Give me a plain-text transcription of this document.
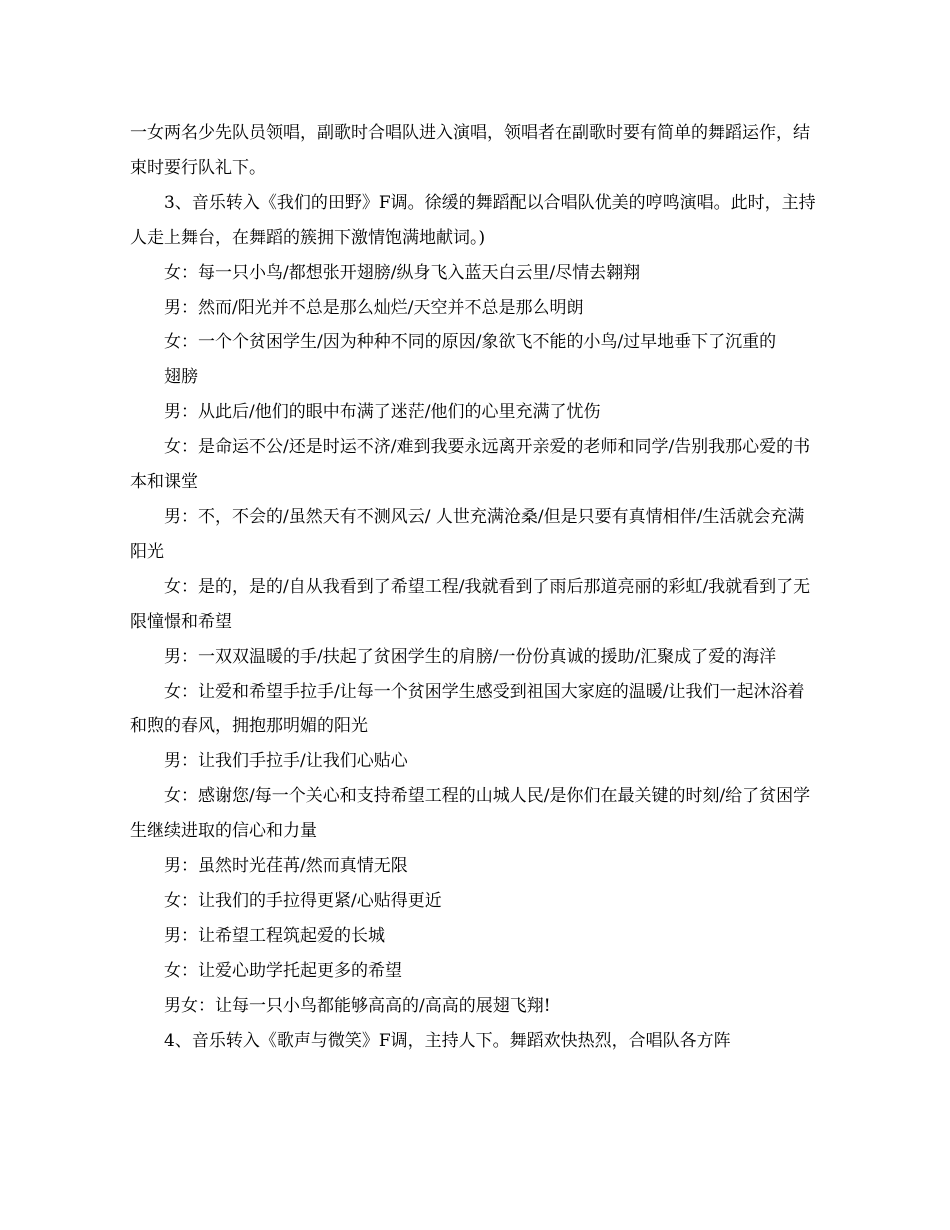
一女两名少先队员领唱，副歌时合唱队进入演唱，领唱者在副歌时要有简单的舞蹈运作，结束时要行队礼下。

3、音乐转入《我们的田野》F调。徐缓的舞蹈配以合唱队优美的哼鸣演唱。此时，主持人走上舞台，在舞蹈的簇拥下激情饱满地献词。)

女：每一只小鸟/都想张开翅膀/纵身飞入蓝天白云里/尽情去翱翔

男：然而/阳光并不总是那么灿烂/天空并不总是那么明朗

女：一个个贫困学生/因为种种不同的原因/象欲飞不能的小鸟/过早地垂下了沉重的

翅膀

男：从此后/他们的眼中布满了迷茫/他们的心里充满了忧伤

女：是命运不公/还是时运不济/难到我要永远离开亲爱的老师和同学/告别我那心爱的书本和课堂

男：不，不会的/虽然天有不测风云/ 人世充满沧桑/但是只要有真情相伴/生活就会充满阳光

女：是的，是的/自从我看到了希望工程/我就看到了雨后那道亮丽的彩虹/我就看到了无限憧憬和希望

男：一双双温暖的手/扶起了贫困学生的肩膀/一份份真诚的援助/汇聚成了爱的海洋

女：让爱和希望手拉手/让每一个贫困学生感受到祖国大家庭的温暖/让我们一起沐浴着和煦的春风，拥抱那明媚的阳光

男：让我们手拉手/让我们心贴心

女：感谢您/每一个关心和支持希望工程的山城人民/是你们在最关键的时刻/给了贫困学生继续进取的信心和力量

男：虽然时光荏苒/然而真情无限

女：让我们的手拉得更紧/心贴得更近

男：让希望工程筑起爱的长城

女：让爱心助学托起更多的希望

男女：让每一只小鸟都能够高高的/高高的展翅飞翔!

4、音乐转入《歌声与微笑》F调，主持人下。舞蹈欢快热烈，合唱队各方阵
